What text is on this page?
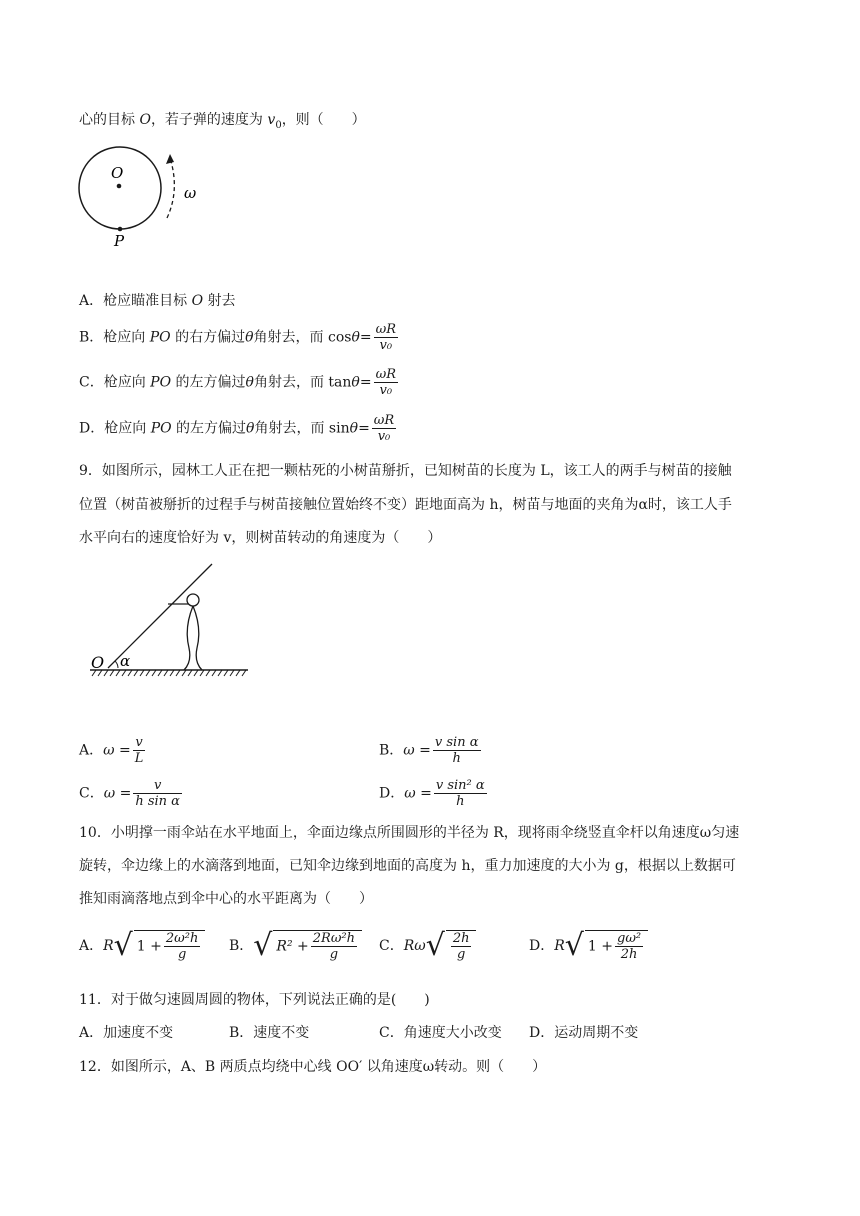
心的目标 O，若子弹的速度为 $v_0$，则（　　）
O
P
ω
A．枪应瞄准目标 O 射去
B．枪应向 PO 的右方偏过θ角射去，而 $\cos\theta= \frac{\omega R}{\text{v₀}}$
C．枪应向 PO 的左方偏过θ角射去，而 $\tan\theta= \frac{\omega R}{\text{v₀}}$
D．枪应向 PO 的左方偏过θ角射去，而 $\sin\theta= \frac{\omega R}{\text{v₀}}$
9．如图所示，园林工人正在把一颗枯死的小树苗掰折，已知树苗的长度为 L，该工人的两手与树苗的接触
位置（树苗被掰折的过程手与树苗接触位置始终不变）距地面高为 h，树苗与地面的夹角为α时，该工人手
水平向右的速度恰好为 v，则树苗转动的角速度为（　　）
O α
A．$\omega = \frac{v}{L}$	B．$\omega = \frac{\text{v sin α}}{h}$
C．$\omega = \frac{v}{\text{h sin α}}$	D．$\omega = \frac{\text{v sin² α}}{h}$
10．小明撑一雨伞站在水平地面上，伞面边缘点所围圆形的半径为 R，现将雨伞绕竖直伞杆以角速度ω匀速
旋转，伞边缘上的水滴落到地面，已知伞边缘到地面的高度为 h，重力加速度的大小为 g，根据以上数据可
推知雨滴落地点到伞中心的水平距离为（　　）
A．R√ $1 + \frac{\text{2ω²h}}{g}$ B．√ $R^2 + \frac{\text{2Rω²h}}{g}$ C．$R\omega√ \frac{2h}{g}$	D．R√ $1 + \frac{\text{gω²}}{2h}$
11．对于做匀速圆周圆的物体，下列说法正确的是(　　)
A．加速度不变	B．速度不变	C．角速度大小改变 D．运动周期不变
12．如图所示，A、B 两质点均绕中心线 OO′ 以角速度ω转动。则（　　）
